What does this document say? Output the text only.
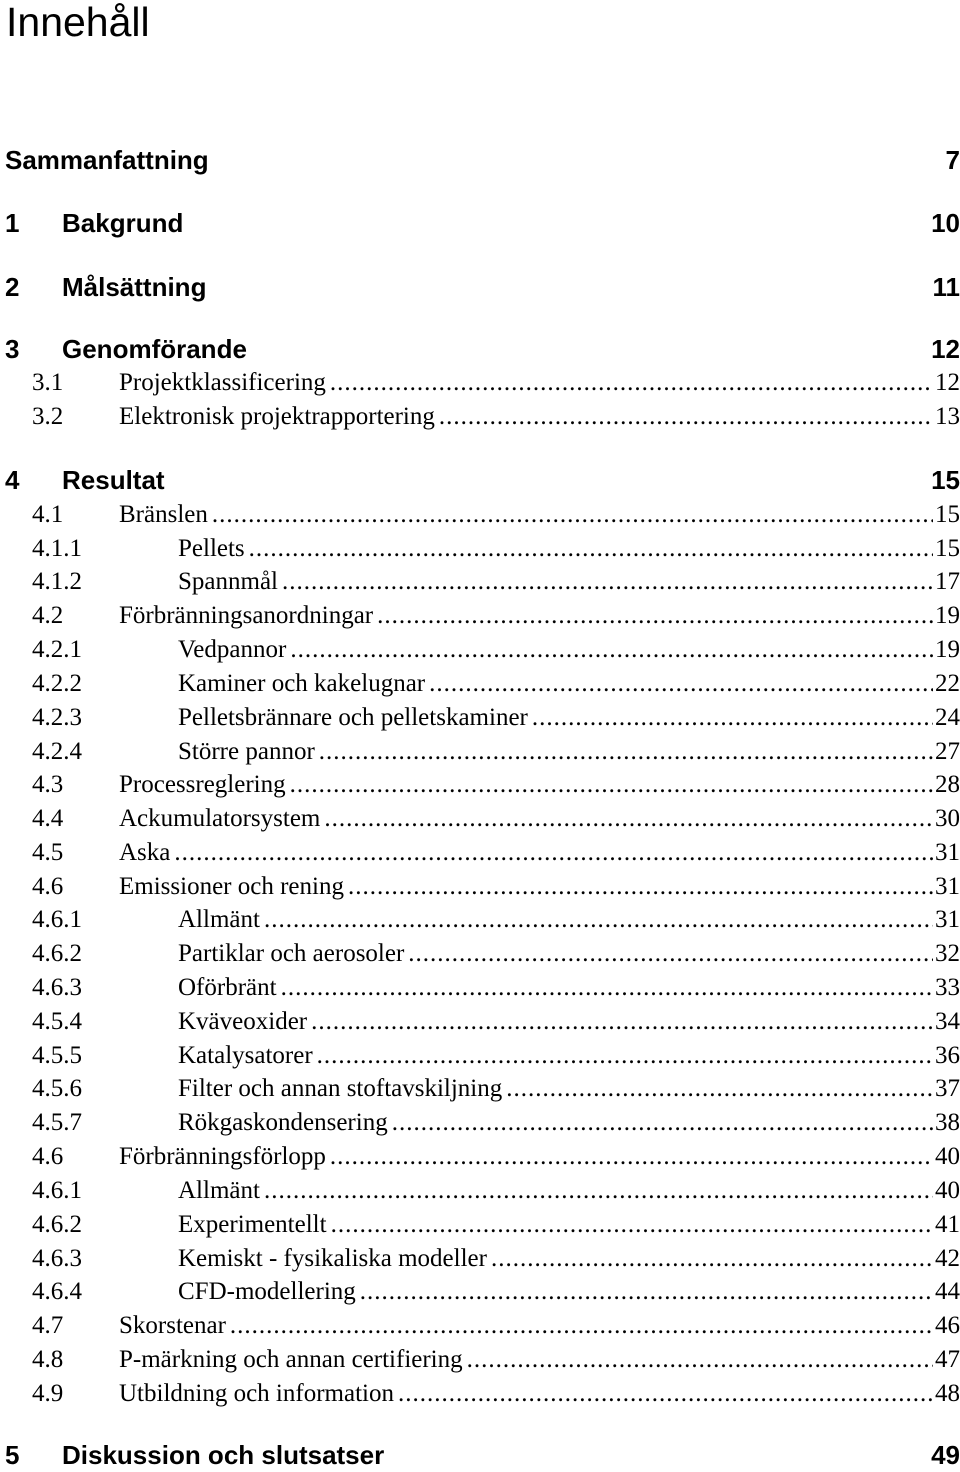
Innehåll
Sammanfattning	7
1 Bakgrund	10
2 Målsättning	11
3 Genomförande	12
3.1 Projektklassificering .....	12
3.2 Elektronisk projektrapportering .....	13
4 Resultat	15
4.1 Bränslen .....	15
4.1.1	Pellets .....	15
4.1.2	Spannmål .....	17
4.2 Förbränningsanordningar .....	19
4.2.1	Vedpannor .....	19
4.2.2	Kaminer och kakelugnar .....	22
4.2.3	Pelletsbrännare och pelletskaminer .....	24
4.2.4	Större pannor .....	27
4.3 Processreglering .....	28
4.4 Ackumulatorsystem .....	30
4.5 Aska .....	31
4.6 Emissioner och rening .....	31
4.6.1	Allmänt .....	31
4.6.2	Partiklar och aerosoler .....	32
4.6.3	Oförbränt .....	33
4.5.4	Kväveoxider .....	34
4.5.5	Katalysatorer .....	36
4.5.6	Filter och annan stoftavskiljning .....	37
4.5.7	Rökgaskondensering .....	38
4.6 Förbränningsförlopp .....	40
4.6.1	Allmänt .....	40
4.6.2	Experimentellt .....	41
4.6.3	Kemiskt - fysikaliska modeller .....	42
4.6.4	CFD-modellering .....	44
4.7 Skorstenar .....	46
4.8 P-märkning och annan certifiering .....	47
4.9 Utbildning och information .....	48
5 Diskussion och slutsatser	49
